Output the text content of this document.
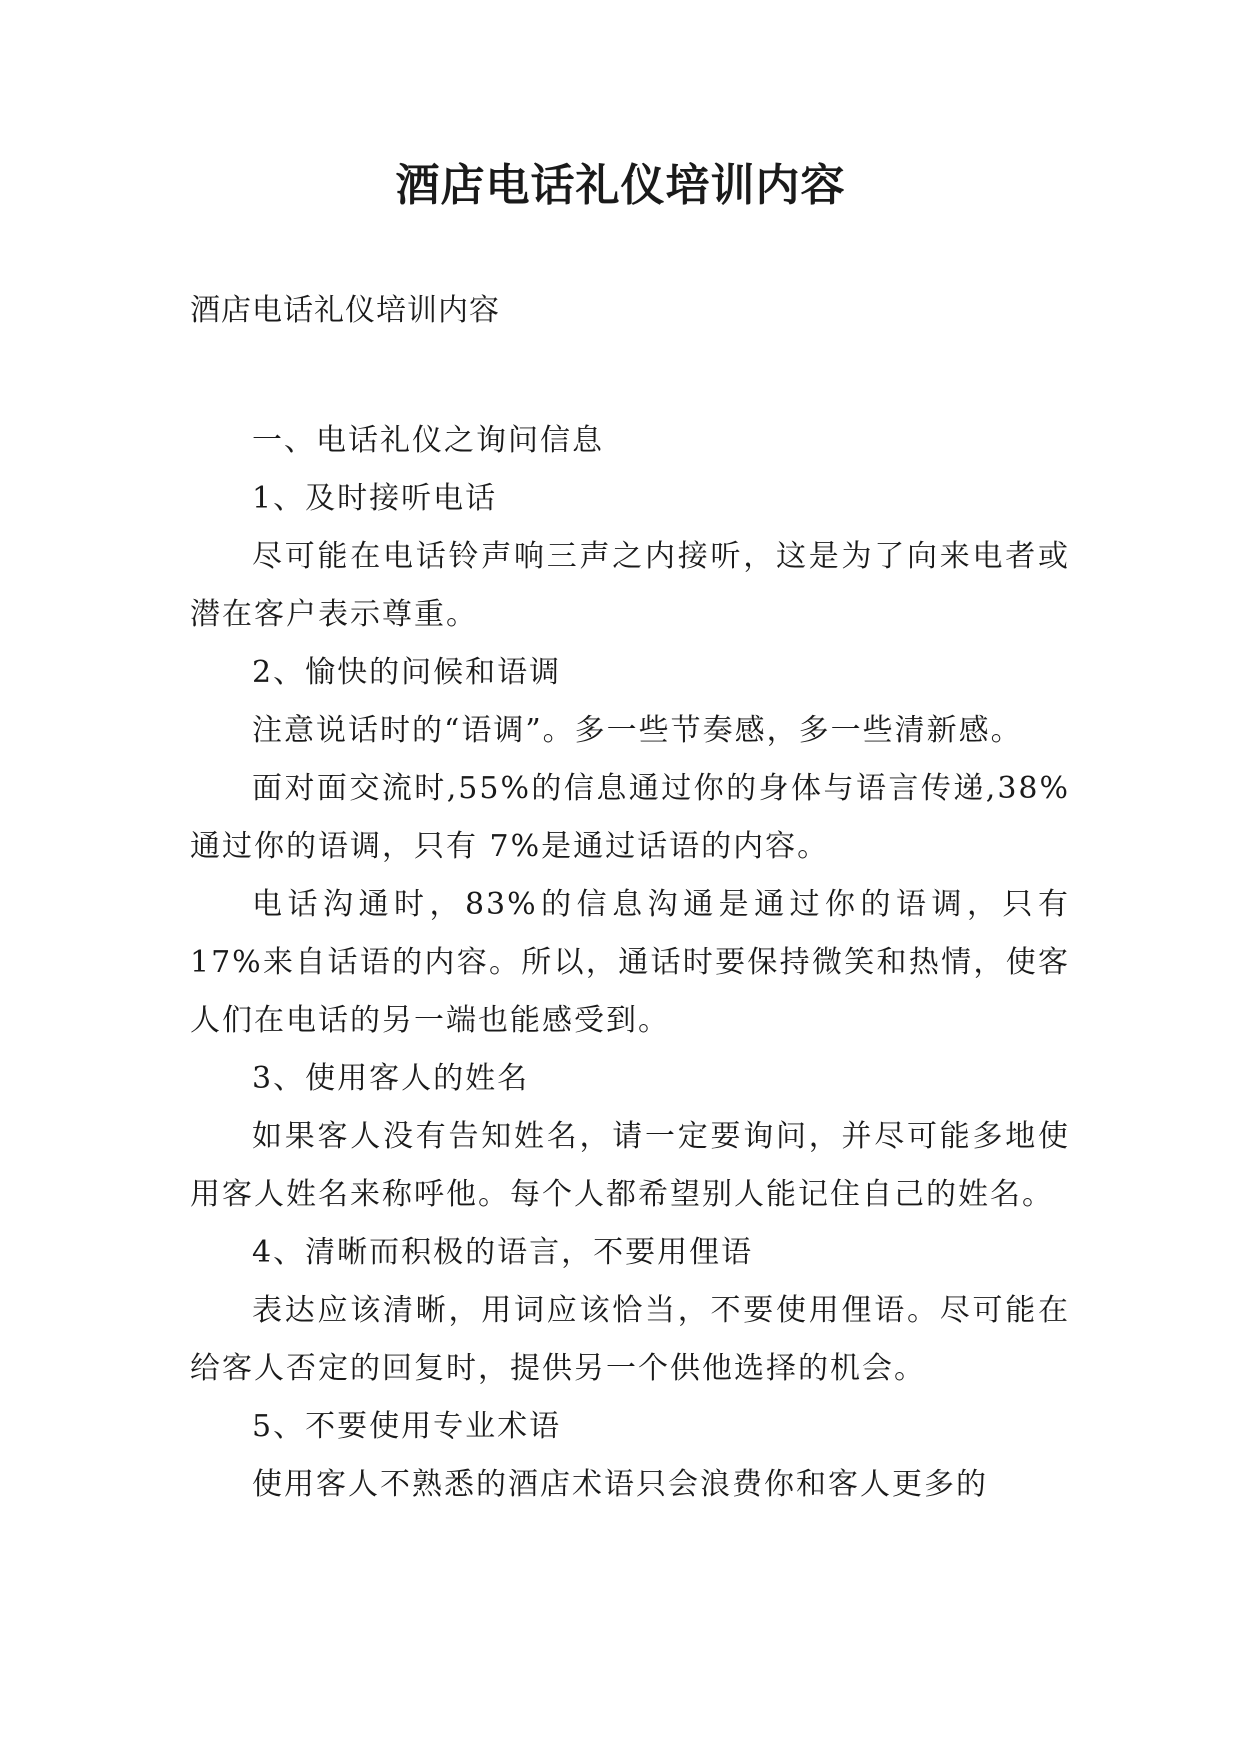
酒店电话礼仪培训内容

酒店电话礼仪培训内容

一、电话礼仪之询问信息

1、及时接听电话

尽可能在电话铃声响三声之内接听，这是为了向来电者或潜在客户表示尊重。

2、愉快的问候和语调

注意说话时的“语调”。多一些节奏感，多一些清新感。

面对面交流时,55%的信息通过你的身体与语言传递,38%通过你的语调，只有 7%是通过话语的内容。

电话沟通时，83%的信息沟通是通过你的语调，只有 17%来自话语的内容。所以，通话时要保持微笑和热情，使客人们在电话的另一端也能感受到。

3、使用客人的姓名

如果客人没有告知姓名，请一定要询问，并尽可能多地使用客人姓名来称呼他。每个人都希望别人能记住自己的姓名。

4、清晰而积极的语言，不要用俚语

表达应该清晰，用词应该恰当，不要使用俚语。尽可能在给客人否定的回复时，提供另一个供他选择的机会。

5、不要使用专业术语

使用客人不熟悉的酒店术语只会浪费你和客人更多的
